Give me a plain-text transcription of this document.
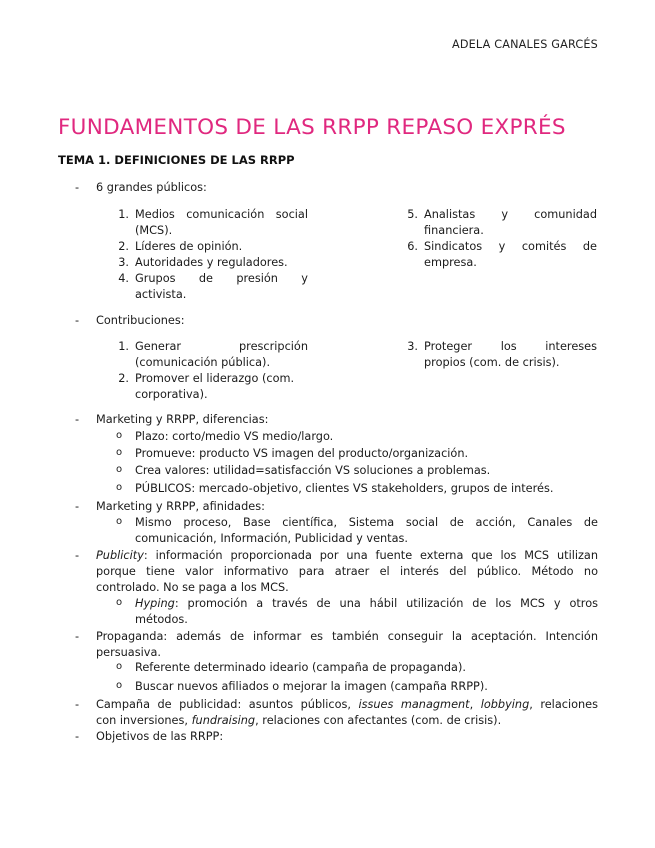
ADELA CANALES GARCÉS
FUNDAMENTOS DE LAS RRPP REPASO EXPRÉS
TEMA 1. DEFINICIONES DE LAS RRPP
-	6 grandes públicos:
1. Medios comunicación social
(MCS).
2. Líderes de opinión.
3. Autoridades y reguladores.
4. Grupos de presión y
activista.
5. Analistas y comunidad
financiera.
6. Sindicatos y comités de
empresa.
-	Contribuciones:
1. Generar prescripción
(comunicación pública).
2. Promover el liderazgo (com.
corporativa).
3. Proteger los intereses
propios (com. de crisis).
-	Marketing y RRPP, diferencias:
o Plazo: corto/medio VS medio/largo.
o Promueve: producto VS imagen del producto/organización.
o Crea valores: utilidad=satisfacción VS soluciones a problemas.
o PÚBLICOS: mercado-objetivo, clientes VS stakeholders, grupos de interés.
-	Marketing y RRPP, afinidades:
o Mismo proceso, Base científica, Sistema social de acción, Canales de
comunicación, Información, Publicidad y ventas.
-	Publicity: información proporcionada por una fuente externa que los MCS utilizan
porque tiene valor informativo para atraer el interés del público. Método no
controlado. No se paga a los MCS.
o Hyping: promoción a través de una hábil utilización de los MCS y otros
métodos.
-	Propaganda: además de informar es también conseguir la aceptación. Intención
persuasiva.
o Referente determinado ideario (campaña de propaganda).
o Buscar nuevos afiliados o mejorar la imagen (campaña RRPP).
-	Campaña de publicidad: asuntos públicos, issues managment, lobbying, relaciones
con inversiones, fundraising, relaciones con afectantes (com. de crisis).
-	Objetivos de las RRPP:
